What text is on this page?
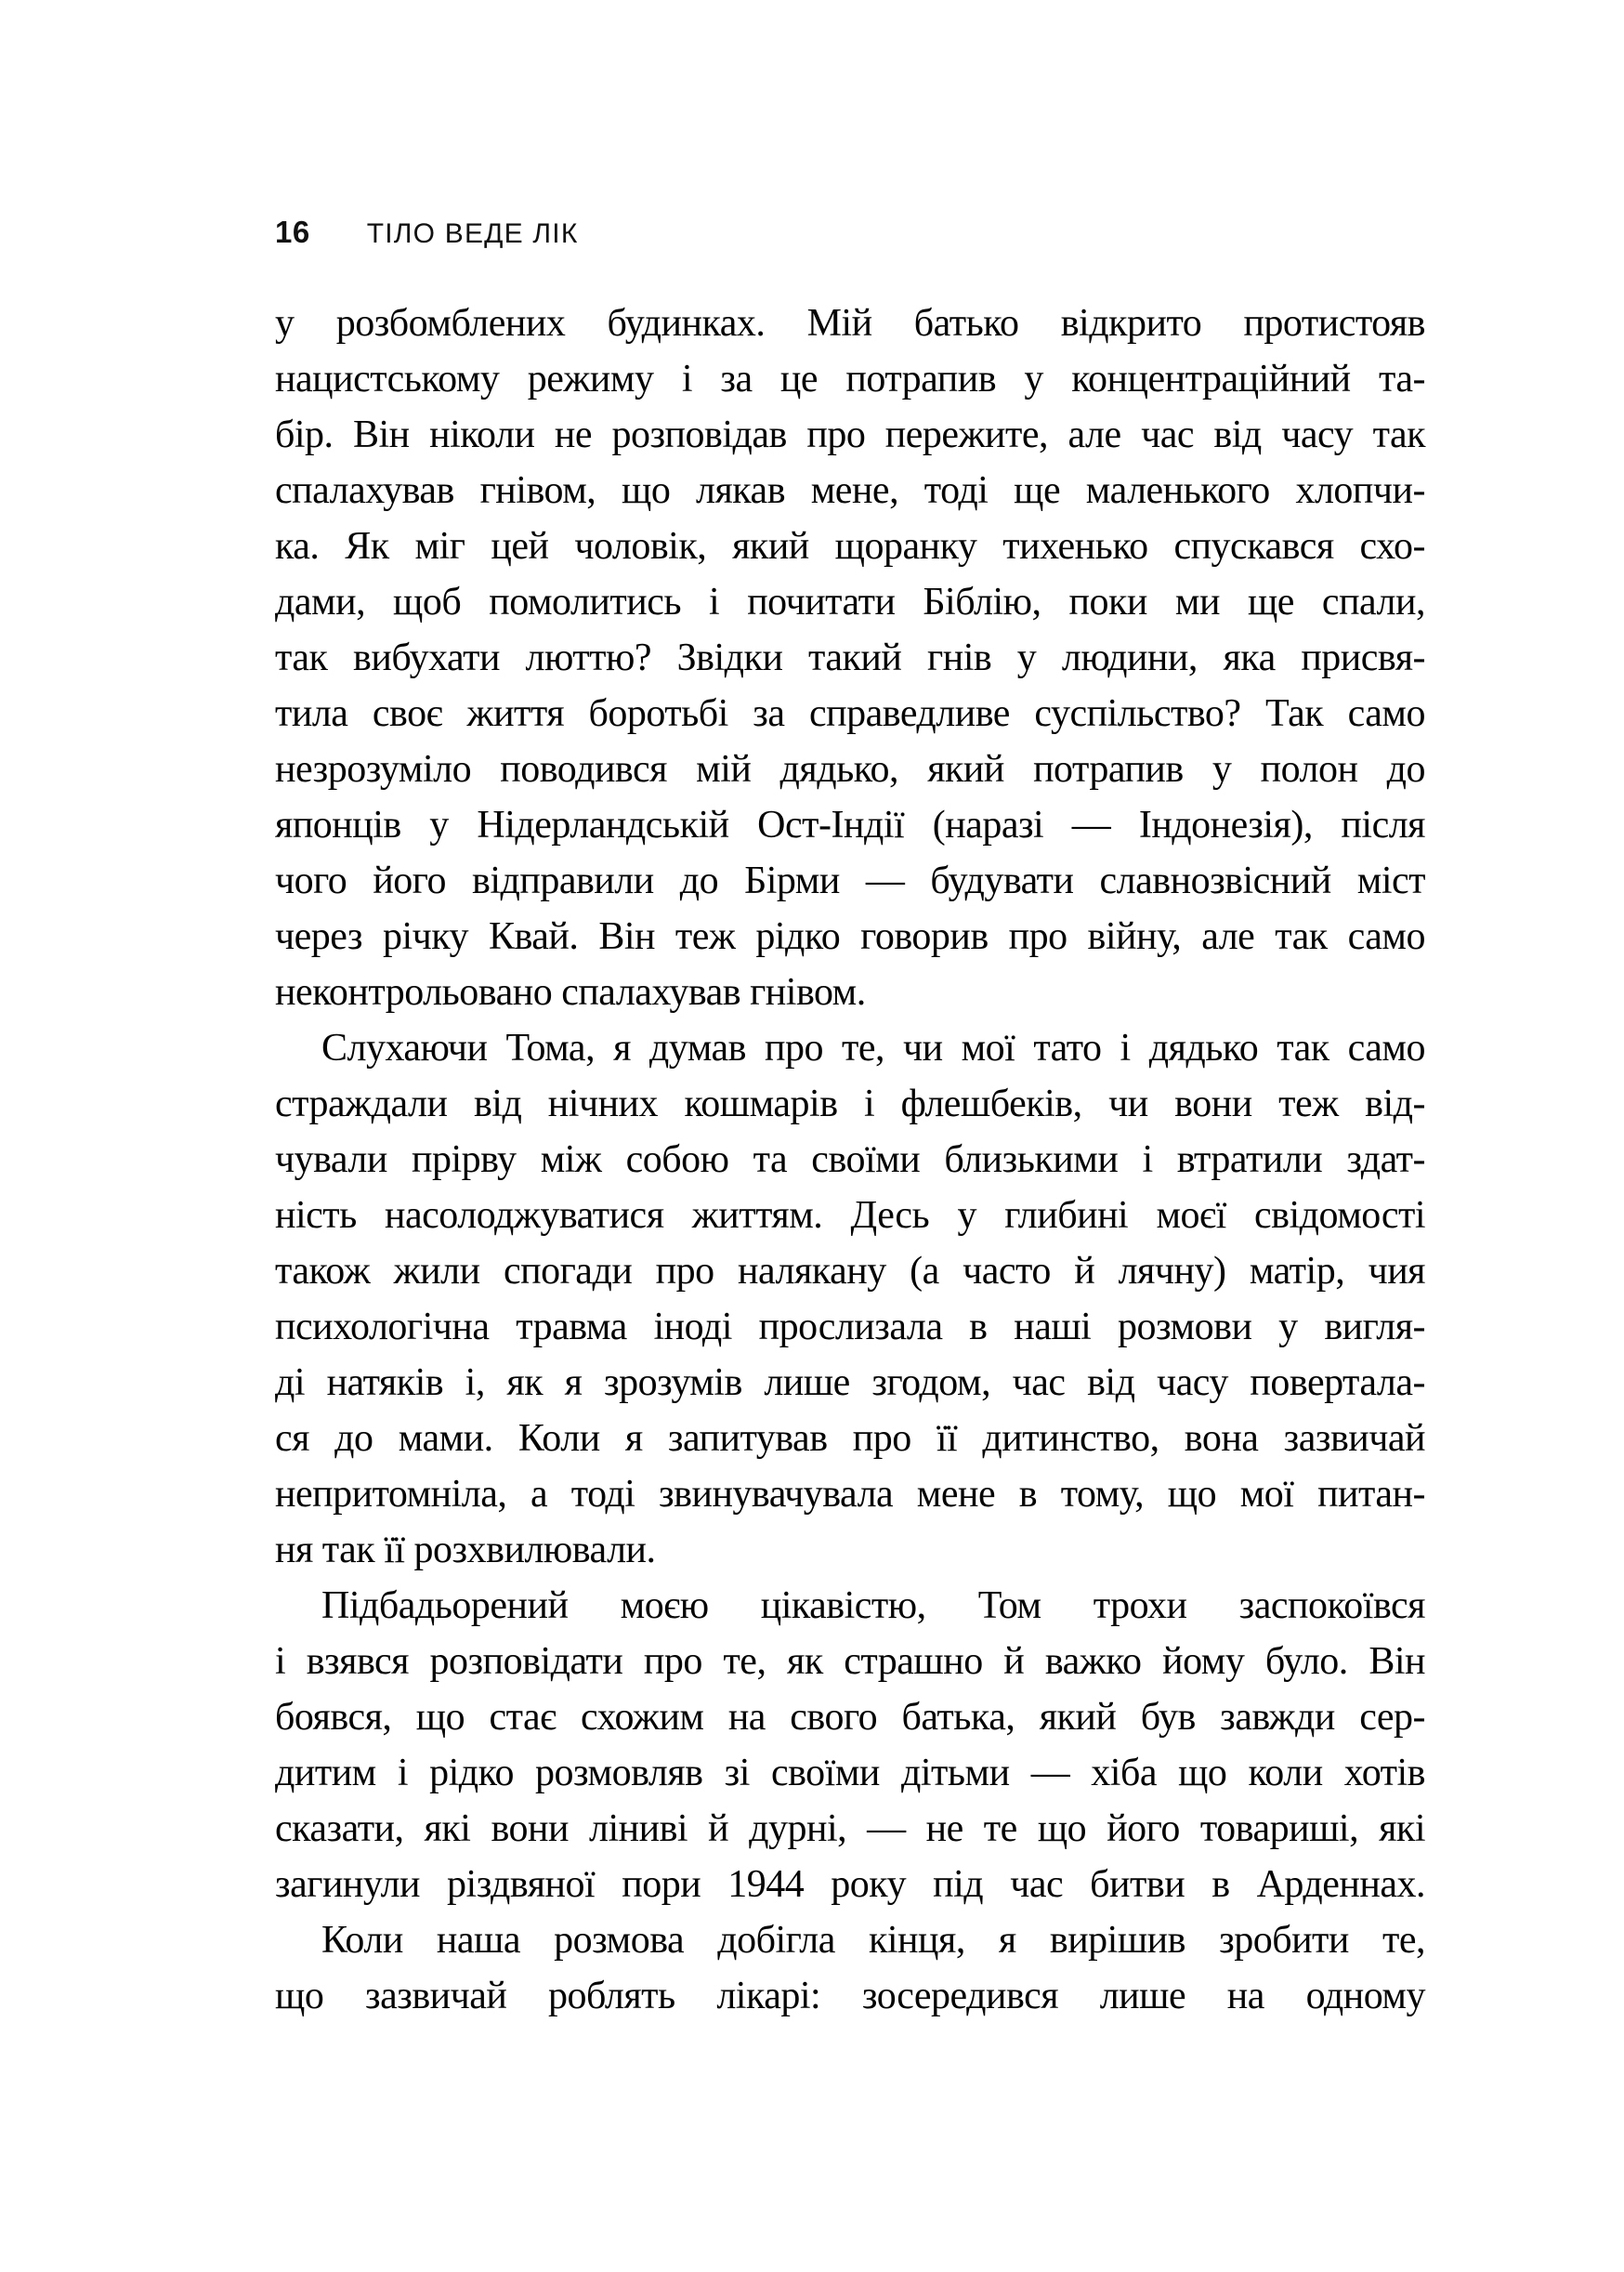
16 ТІЛО ВЕДЕ ЛІК
у розбомблених будинках. Мій батько відкрито протистояв
нацистському режиму і за це потрапив у концентраційний та-
бір. Він ніколи не розповідав про пережите, але час від часу так
спалахував гнівом, що лякав мене, тоді ще маленького хлопчи-
ка. Як міг цей чоловік, який щоранку тихенько спускався схо-
дами, щоб помолитись і почитати Біблію, поки ми ще спали,
так вибухати люттю? Звідки такий гнів у людини, яка присвя-
тила своє життя боротьбі за справедливе суспільство? Так само
незрозуміло поводився мій дядько, який потрапив у полон до
японців у Нідерландській Ост-Індії (наразі — Індонезія), після
чого його відправили до Бірми — будувати славнозвісний міст
через річку Квай. Він теж рідко говорив про війну, але так само
неконтрольовано спалахував гнівом.
Слухаючи Тома, я думав про те, чи мої тато і дядько так само
страждали від нічних кошмарів і флешбеків, чи вони теж від-
чували прірву між собою та своїми близькими і втратили здат-
ність насолоджуватися життям. Десь у глибині моєї свідомості
також жили спогади про налякану (а часто й лячну) матір, чия
психологічна травма іноді прослизала в наші розмови у вигля-
ді натяків і, як я зрозумів лише згодом, час від часу повертала-
ся до мами. Коли я запитував про її дитинство, вона зазвичай
непритомніла, а тоді звинувачувала мене в тому, що мої питан-
ня так її розхвилювали.
Підбадьорений моєю цікавістю, Том трохи заспокоївся
і взявся розповідати про те, як страшно й важко йому було. Він
боявся, що стає схожим на свого батька, який був завжди сер-
дитим і рідко розмовляв зі своїми дітьми — хіба що коли хотів
сказати, які вони ліниві й дурні, — не те що його товариші, які
загинули різдвяної пори 1944 року під час битви в Арденнах.
Коли наша розмова добігла кінця, я вирішив зробити те,
що зазвичай роблять лікарі: зосередився лише на одному
